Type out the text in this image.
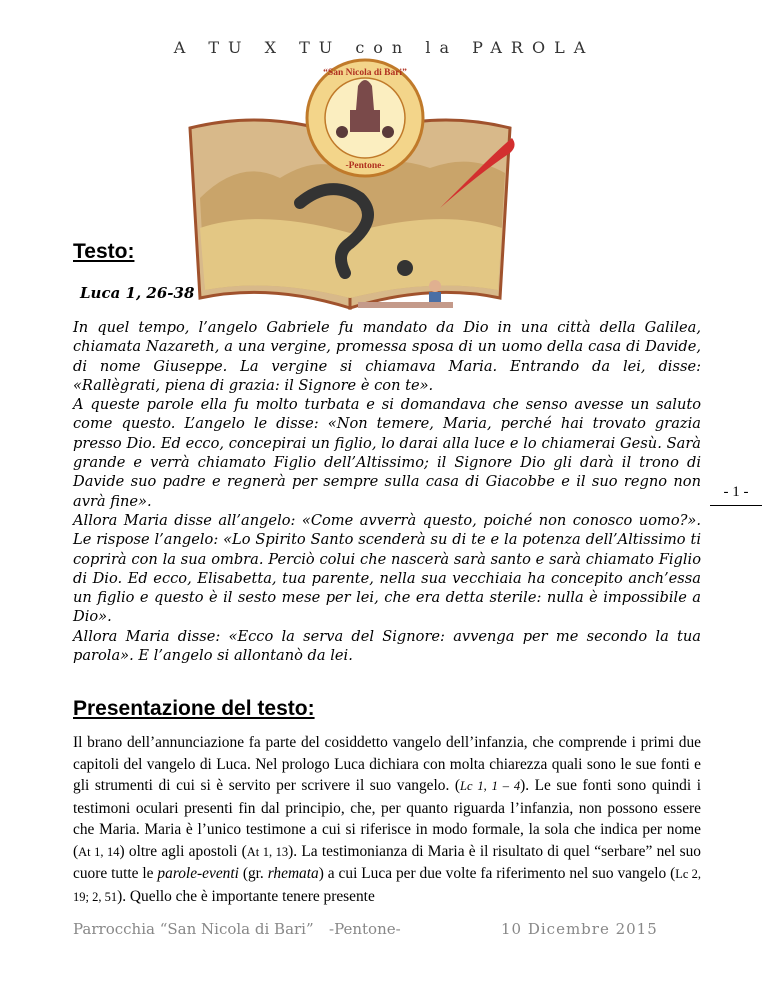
A TU X TU con la PAROLA
“San Nicola di Bari”
-Pentone-
Testo:
Luca 1, 26-38

In quel tempo, l’angelo Gabriele fu mandato da Dio in una città della Galilea, chiamata Nazareth, a una vergine, promessa sposa di un uomo della casa di Davide, di nome Giuseppe. La vergine si chiamava Maria. Entrando da lei, disse: «Rallègrati, piena di grazia: il Signore è con te».

A queste parole ella fu molto turbata e si domandava che senso avesse un saluto come questo. L’angelo le disse: «Non temere, Maria, perché hai trovato grazia presso Dio. Ed ecco, concepirai un figlio, lo darai alla luce e lo chiamerai Gesù. Sarà grande e verrà chiamato Figlio dell’Altissimo; il Signore Dio gli darà il trono di Davide suo padre e regnerà per sempre sulla casa di Giacobbe e il suo regno non avrà fine».

Allora Maria disse all’angelo: «Come avverrà questo, poiché non conosco uomo?». Le rispose l’angelo: «Lo Spirito Santo scenderà su di te e la potenza dell’Altissimo ti coprirà con la sua ombra. Perciò colui che nascerà sarà santo e sarà chiamato Figlio di Dio. Ed ecco, Elisabetta, tua parente, nella sua vecchiaia ha concepito anch’essa un figlio e questo è il sesto mese per lei, che era detta sterile: nulla è impossibile a Dio».

Allora Maria disse: «Ecco la serva del Signore: avvenga per me secondo la tua parola». E l’angelo si allontanò da lei.

Presentazione del testo:

Il brano dell’annunciazione fa parte del cosiddetto vangelo dell’infanzia, che comprende i primi due capitoli del vangelo di Luca. Nel prologo Luca dichiara con molta chiarezza quali sono le sue fonti e gli strumenti di cui si è servito per scrivere il suo vangelo. (Lc 1, 1 – 4). Le sue fonti sono quindi i testimoni oculari presenti fin dal principio, che, per quanto riguarda l’infanzia, non possono essere che Maria. Maria è l’unico testimone a cui si riferisce in modo formale, la sola che indica per nome (At 1, 14) oltre agli apostoli (At 1, 13). La testimonianza di Maria è il risultato di quel “serbare” nel suo cuore tutte le parole-eventi (gr. rhemata) a cui Luca per due volte fa riferimento nel suo vangelo (Lc 2, 19; 2, 51). Quello che è importante tenere presente

- 1 -
Parrocchia “San Nicola di Bari” -Pentone-	10 Dicembre 2015
